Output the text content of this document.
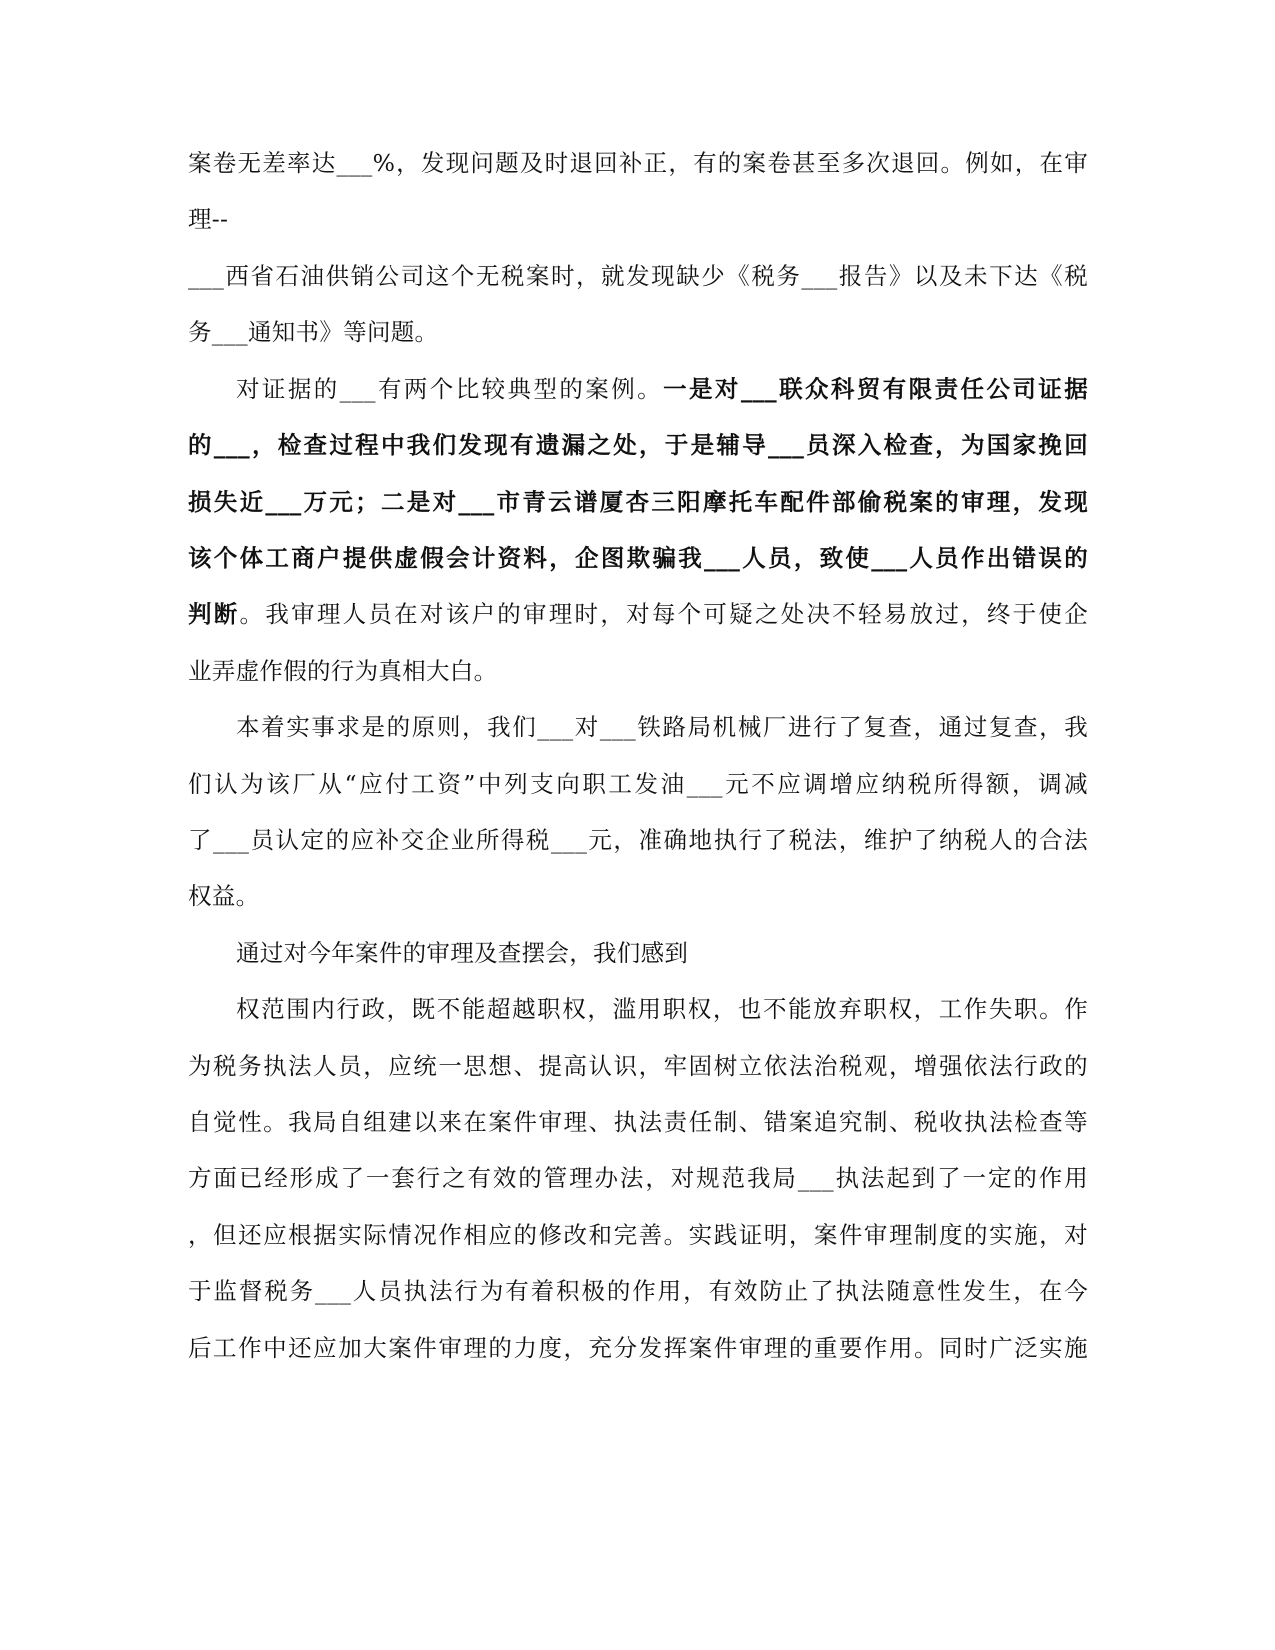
案卷无差率达___%，发现问题及时退回补正，有的案卷甚至多次退回。例如，在审
理--
___西省石油供销公司这个无税案时，就发现缺少《税务___报告》以及未下达《税
务___通知书》等问题。
对证据的___有两个比较典型的案例。一是对___联众科贸有限责任公司证据
的___，检查过程中我们发现有遗漏之处，于是辅导___员深入检查，为国家挽回
损失近___万元；二是对___市青云谱厦杏三阳摩托车配件部偷税案的审理，发现
该个体工商户提供虚假会计资料，企图欺骗我___人员，致使___人员作出错误的
判断。我审理人员在对该户的审理时，对每个可疑之处决不轻易放过，终于使企
业弄虚作假的行为真相大白。
本着实事求是的原则，我们___对___铁路局机械厂进行了复查，通过复查，我
们认为该厂从“应付工资”中列支向职工发油___元不应调增应纳税所得额，调减
了___员认定的应补交企业所得税___元，准确地执行了税法，维护了纳税人的合法
权益。
通过对今年案件的审理及查摆会，我们感到
权范围内行政，既不能超越职权，滥用职权，也不能放弃职权，工作失职。作
为税务执法人员，应统一思想、提高认识，牢固树立依法治税观，增强依法行政的
自觉性。我局自组建以来在案件审理、执法责任制、错案追究制、税收执法检查等
方面已经形成了一套行之有效的管理办法，对规范我局___执法起到了一定的作用
，但还应根据实际情况作相应的修改和完善。实践证明，案件审理制度的实施，对
于监督税务___人员执法行为有着积极的作用，有效防止了执法随意性发生，在今
后工作中还应加大案件审理的力度，充分发挥案件审理的重要作用。同时广泛实施
